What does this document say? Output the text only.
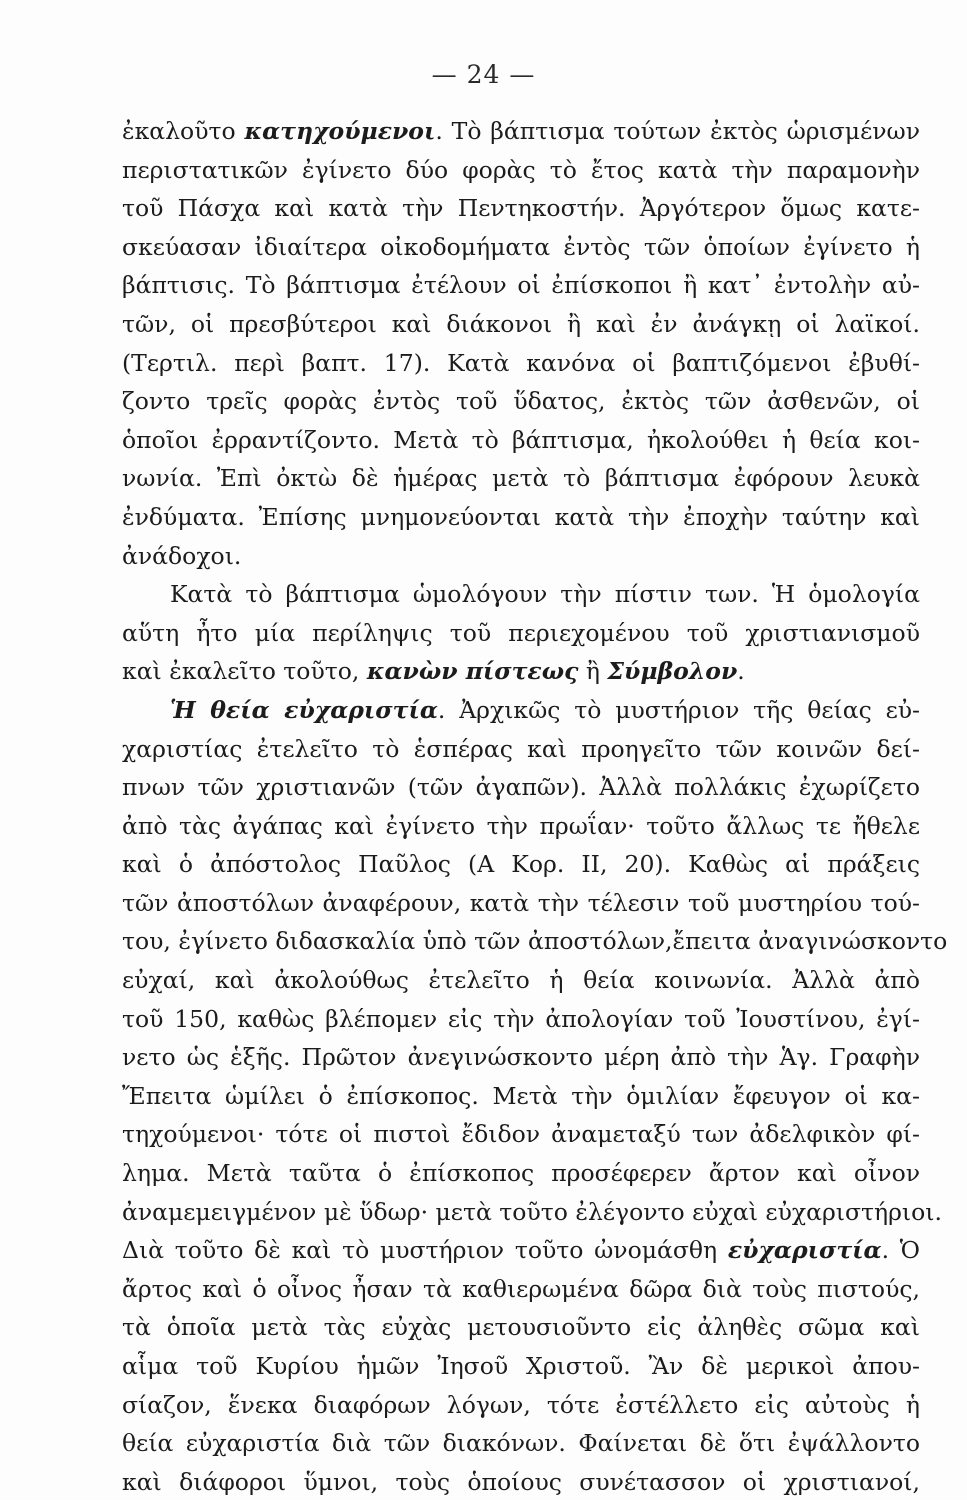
— 24 —
ἐκαλοῦτο κατηχούμενοι. Τὸ βάπτισμα τούτων ἐκτὸς ὡρισμένων
περιστατικῶν ἐγίνετο δύο φορὰς τὸ ἔτος κατὰ τὴν παραμονὴν
τοῦ Πάσχα καὶ κατὰ τὴν Πεντηκοστήν. Ἀργότερον ὅμως κατε-
σκεύασαν ἰδιαίτερα οἰκοδομήματα ἐντὸς τῶν ὁποίων ἐγίνετο ἡ
βάπτισις. Τὸ βάπτισμα ἐτέλουν οἱ ἐπίσκοποι ἢ κατ᾽ ἐντολὴν αὐ-
τῶν, οἱ πρεσβύτεροι καὶ διάκονοι ἢ καὶ ἐν ἀνάγκῃ οἱ λαϊκοί.
(Τερτιλ. περὶ βαπτ. 17). Κατὰ κανόνα οἱ βαπτιζόμενοι ἐβυθί-
ζοντο τρεῖς φορὰς ἐντὸς τοῦ ὕδατος, ἐκτὸς τῶν ἀσθενῶν, οἱ
ὁποῖοι ἐρραντίζοντο. Μετὰ τὸ βάπτισμα, ἠκολούθει ἡ θεία κοι-
νωνία. Ἐπὶ ὀκτὼ δὲ ἡμέρας μετὰ τὸ βάπτισμα ἐφόρουν λευκὰ
ἐνδύματα. Ἐπίσης μνημονεύονται κατὰ τὴν ἐποχὴν ταύτην καὶ
ἀνάδοχοι.
Κατὰ τὸ βάπτισμα ὡμολόγουν τὴν πίστιν των. Ἡ ὁμολογία
αὕτη ἦτο μία περίληψις τοῦ περιεχομένου τοῦ χριστιανισμοῦ
καὶ ἐκαλεῖτο τοῦτο, κανὼν πίστεως ἢ Σύμβολον.
Ἡ θεία εὐχαριστία. Ἀρχικῶς τὸ μυστήριον τῆς θείας εὐ-
χαριστίας ἐτελεῖτο τὸ ἑσπέρας καὶ προηγεῖτο τῶν κοινῶν δεί-
πνων τῶν χριστιανῶν (τῶν ἀγαπῶν). Ἀλλὰ πολλάκις ἐχωρίζετο
ἀπὸ τὰς ἀγάπας καὶ ἐγίνετο τὴν πρωΐαν· τοῦτο ἄλλως τε ἤθελε
καὶ ὁ ἀπόστολος Παῦλος (Α Κορ. ΙΙ, 20). Καθὼς αἱ πράξεις
τῶν ἀποστόλων ἀναφέρουν, κατὰ τὴν τέλεσιν τοῦ μυστηρίου τού-
του, ἐγίνετο διδασκαλία ὑπὸ τῶν ἀποστόλων,ἔπειτα ἀναγινώσκοντο
εὐχαί, καὶ ἀκολούθως ἐτελεῖτο ἡ θεία κοινωνία. Ἀλλὰ ἀπὸ
τοῦ 150, καθὼς βλέπομεν εἰς τὴν ἀπολογίαν τοῦ Ἰουστίνου, ἐγί-
νετο ὡς ἑξῆς. Πρῶτον ἀνεγινώσκοντο μέρη ἀπὸ τὴν Ἁγ. Γραφὴν
Ἔπειτα ὡμίλει ὁ ἐπίσκοπος. Μετὰ τὴν ὁμιλίαν ἔφευγον οἱ κα-
τηχούμενοι· τότε οἱ πιστοὶ ἔδιδον ἀναμεταξύ των ἀδελφικὸν φί-
λημα. Μετὰ ταῦτα ὁ ἐπίσκοπος προσέφερεν ἄρτον καὶ οἶνον
ἀναμεμειγμένον μὲ ὕδωρ· μετὰ τοῦτο ἐλέγοντο εὐχαὶ εὐχαριστήριοι.
Διὰ τοῦτο δὲ καὶ τὸ μυστήριον τοῦτο ὠνομάσθη εὐχαριστία. Ὁ
ἄρτος καὶ ὁ οἶνος ἦσαν τὰ καθιερωμένα δῶρα διὰ τοὺς πιστούς,
τὰ ὁποῖα μετὰ τὰς εὐχὰς μετουσιοῦντο εἰς ἀληθὲς σῶμα καὶ
αἷμα τοῦ Κυρίου ἡμῶν Ἰησοῦ Χριστοῦ. Ἂν δὲ μερικοὶ ἀπου-
σίαζον, ἕνεκα διαφόρων λόγων, τότε ἐστέλλετο εἰς αὐτοὺς ἡ
θεία εὐχαριστία διὰ τῶν διακόνων. Φαίνεται δὲ ὅτι ἐψάλλοντο
καὶ διάφοροι ὕμνοι, τοὺς ὁποίους συνέτασσον οἱ χριστιανοί,
